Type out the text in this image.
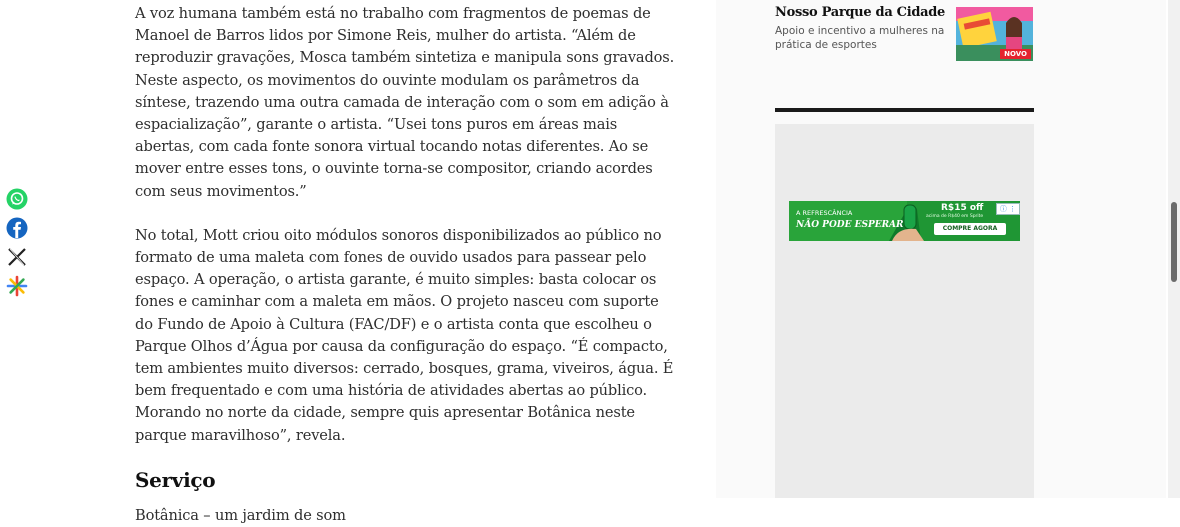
A voz humana também está no trabalho com fragmentos de poemas de Manoel de Barros lidos por Simone Reis, mulher do artista. “Além de reproduzir gravações, Mosca também sintetiza e manipula sons gravados. Neste aspecto, os movimentos do ouvinte modulam os parâmetros da síntese, trazendo uma outra camada de interação com o som em adição à espacialização”, garante o artista. “Usei tons puros em áreas mais abertas, com cada fonte sonora virtual tocando notas diferentes. Ao se mover entre esses tons, o ouvinte torna-se compositor, criando acordes com seus movimentos.”

No total, Mott criou oito módulos sonoros disponibilizados ao público no formato de uma maleta com fones de ouvido usados para passear pelo espaço. A operação, o artista garante, é muito simples: basta colocar os fones e caminhar com a maleta em mãos. O projeto nasceu com suporte do Fundo de Apoio à Cultura (FAC/DF) e o artista conta que escolheu o Parque Olhos d’Água por causa da configuração do espaço. “É compacto, tem ambientes muito diversos: cerrado, bosques, grama, viveiros, água. É bem frequentado e com uma história de atividades abertas ao público. Morando no norte da cidade, sempre quis apresentar Botânica neste parque maravilhoso”, revela.

Serviço

Botânica – um jardim de som

Nosso Parque da Cidade
Apoio e incentivo a mulheres na prática de esportes
NOVO
A REFRESCÂNCIA
NÃO PODE ESPERAR
R$15 off
acima de R$40 em Sprite
COMPRE AGORA
ⓘ ⋮
